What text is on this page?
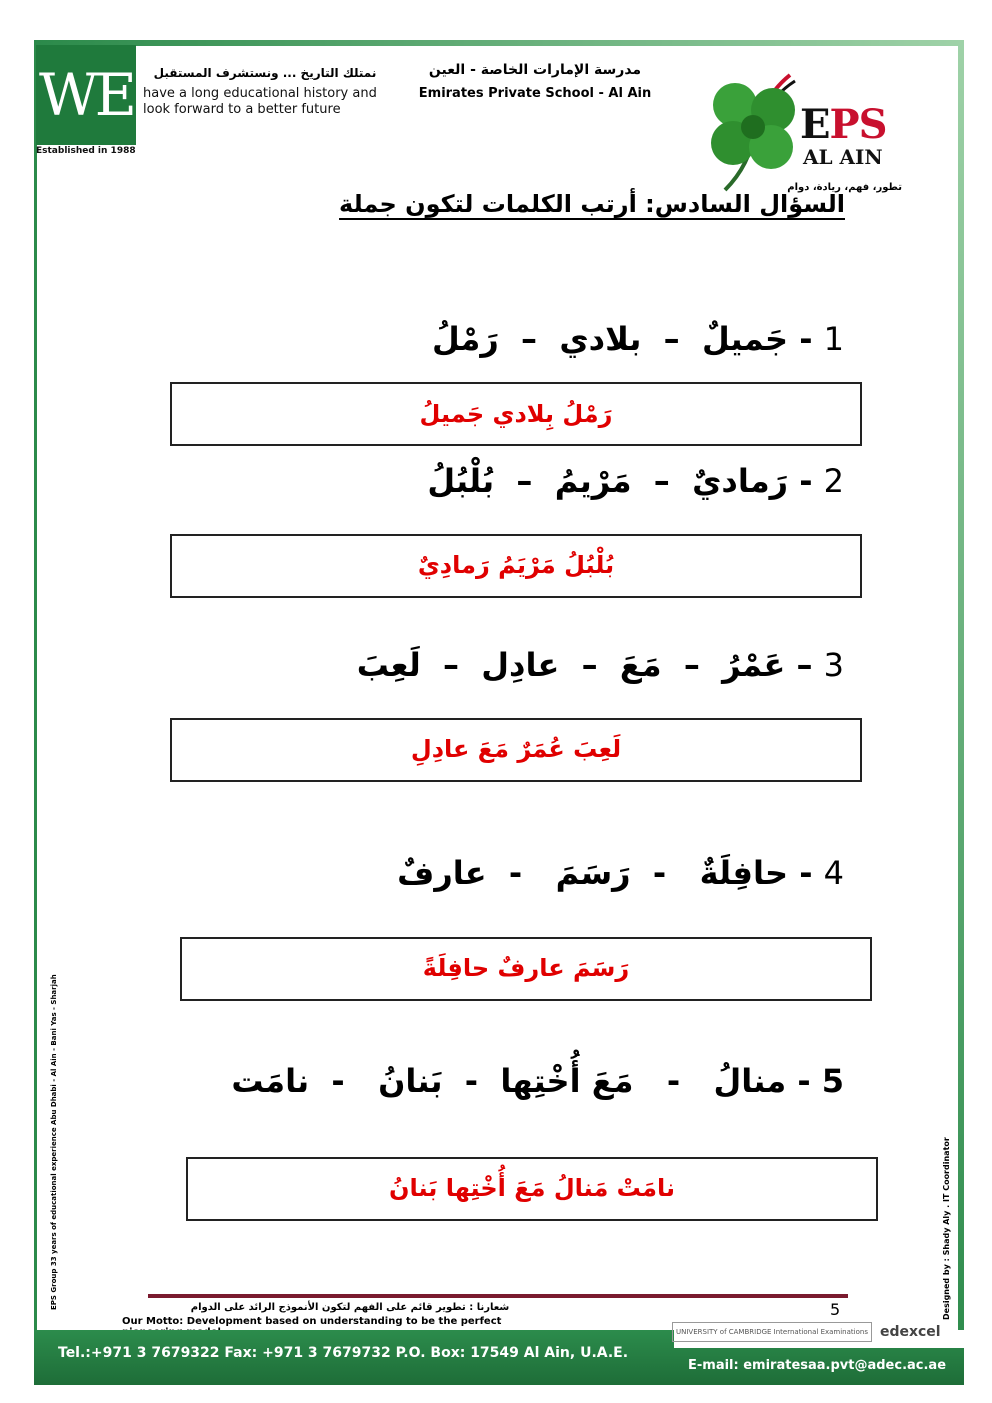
WE
Established in 1988
نمتلك التاريخ ... ونستشرف المستقبل
have a long educational history and look forward to a better future
مدرسة الإمارات الخاصة - العين
Emirates Private School - Al Ain
EPS
AL AIN
تطور، فهم، ريادة، دوام
السؤال السادس: أرتب الكلمات لتكون جملة
1 - جَميلٌ  –  بلادي  –  رَمْلُ
رَمْلُ بِلادي جَميلُ
2 - رَماديٌ  –  مَرْيمُ  –  بُلْبُلُ
بُلْبُلُ مَرْيَمُ رَمادِيٌ
3 – عَمْرُ  –  مَعَ  –  عادِل  –  لَعِبَ
لَعِبَ عُمَرٌ مَعَ عادِلِ
4 - حافِلَةٌ   -  رَسَمَ   -  عارفٌ
رَسَمَ عارفٌ حافِلَةً
5 - منالُ   -   مَعَ أُخْتِها  -  بَنانُ   -  نامَت
نامَتْ مَنالُ مَعَ أُخْتِها بَنانُ
EPS Group 33 years of educational experience Abu Dhabi - Al Ain - Bani Yas - Sharjah	Designed by : Shady Aly . IT Coordinator
5
شعارنا : تطوير قائم على الفهم لتكون الأنموذج الرائد على الدوام
Our Motto: Development based on understanding to be the perfect
UNIVERSITY of CAMBRIDGE International Examinations edexcel
Tel.:+971 3 7679322 Fax: +971 3 7679732 P.O. Box: 17549 Al Ain, U.A.E.
E-mail: emiratesaa.pvt@adec.ac.ae
